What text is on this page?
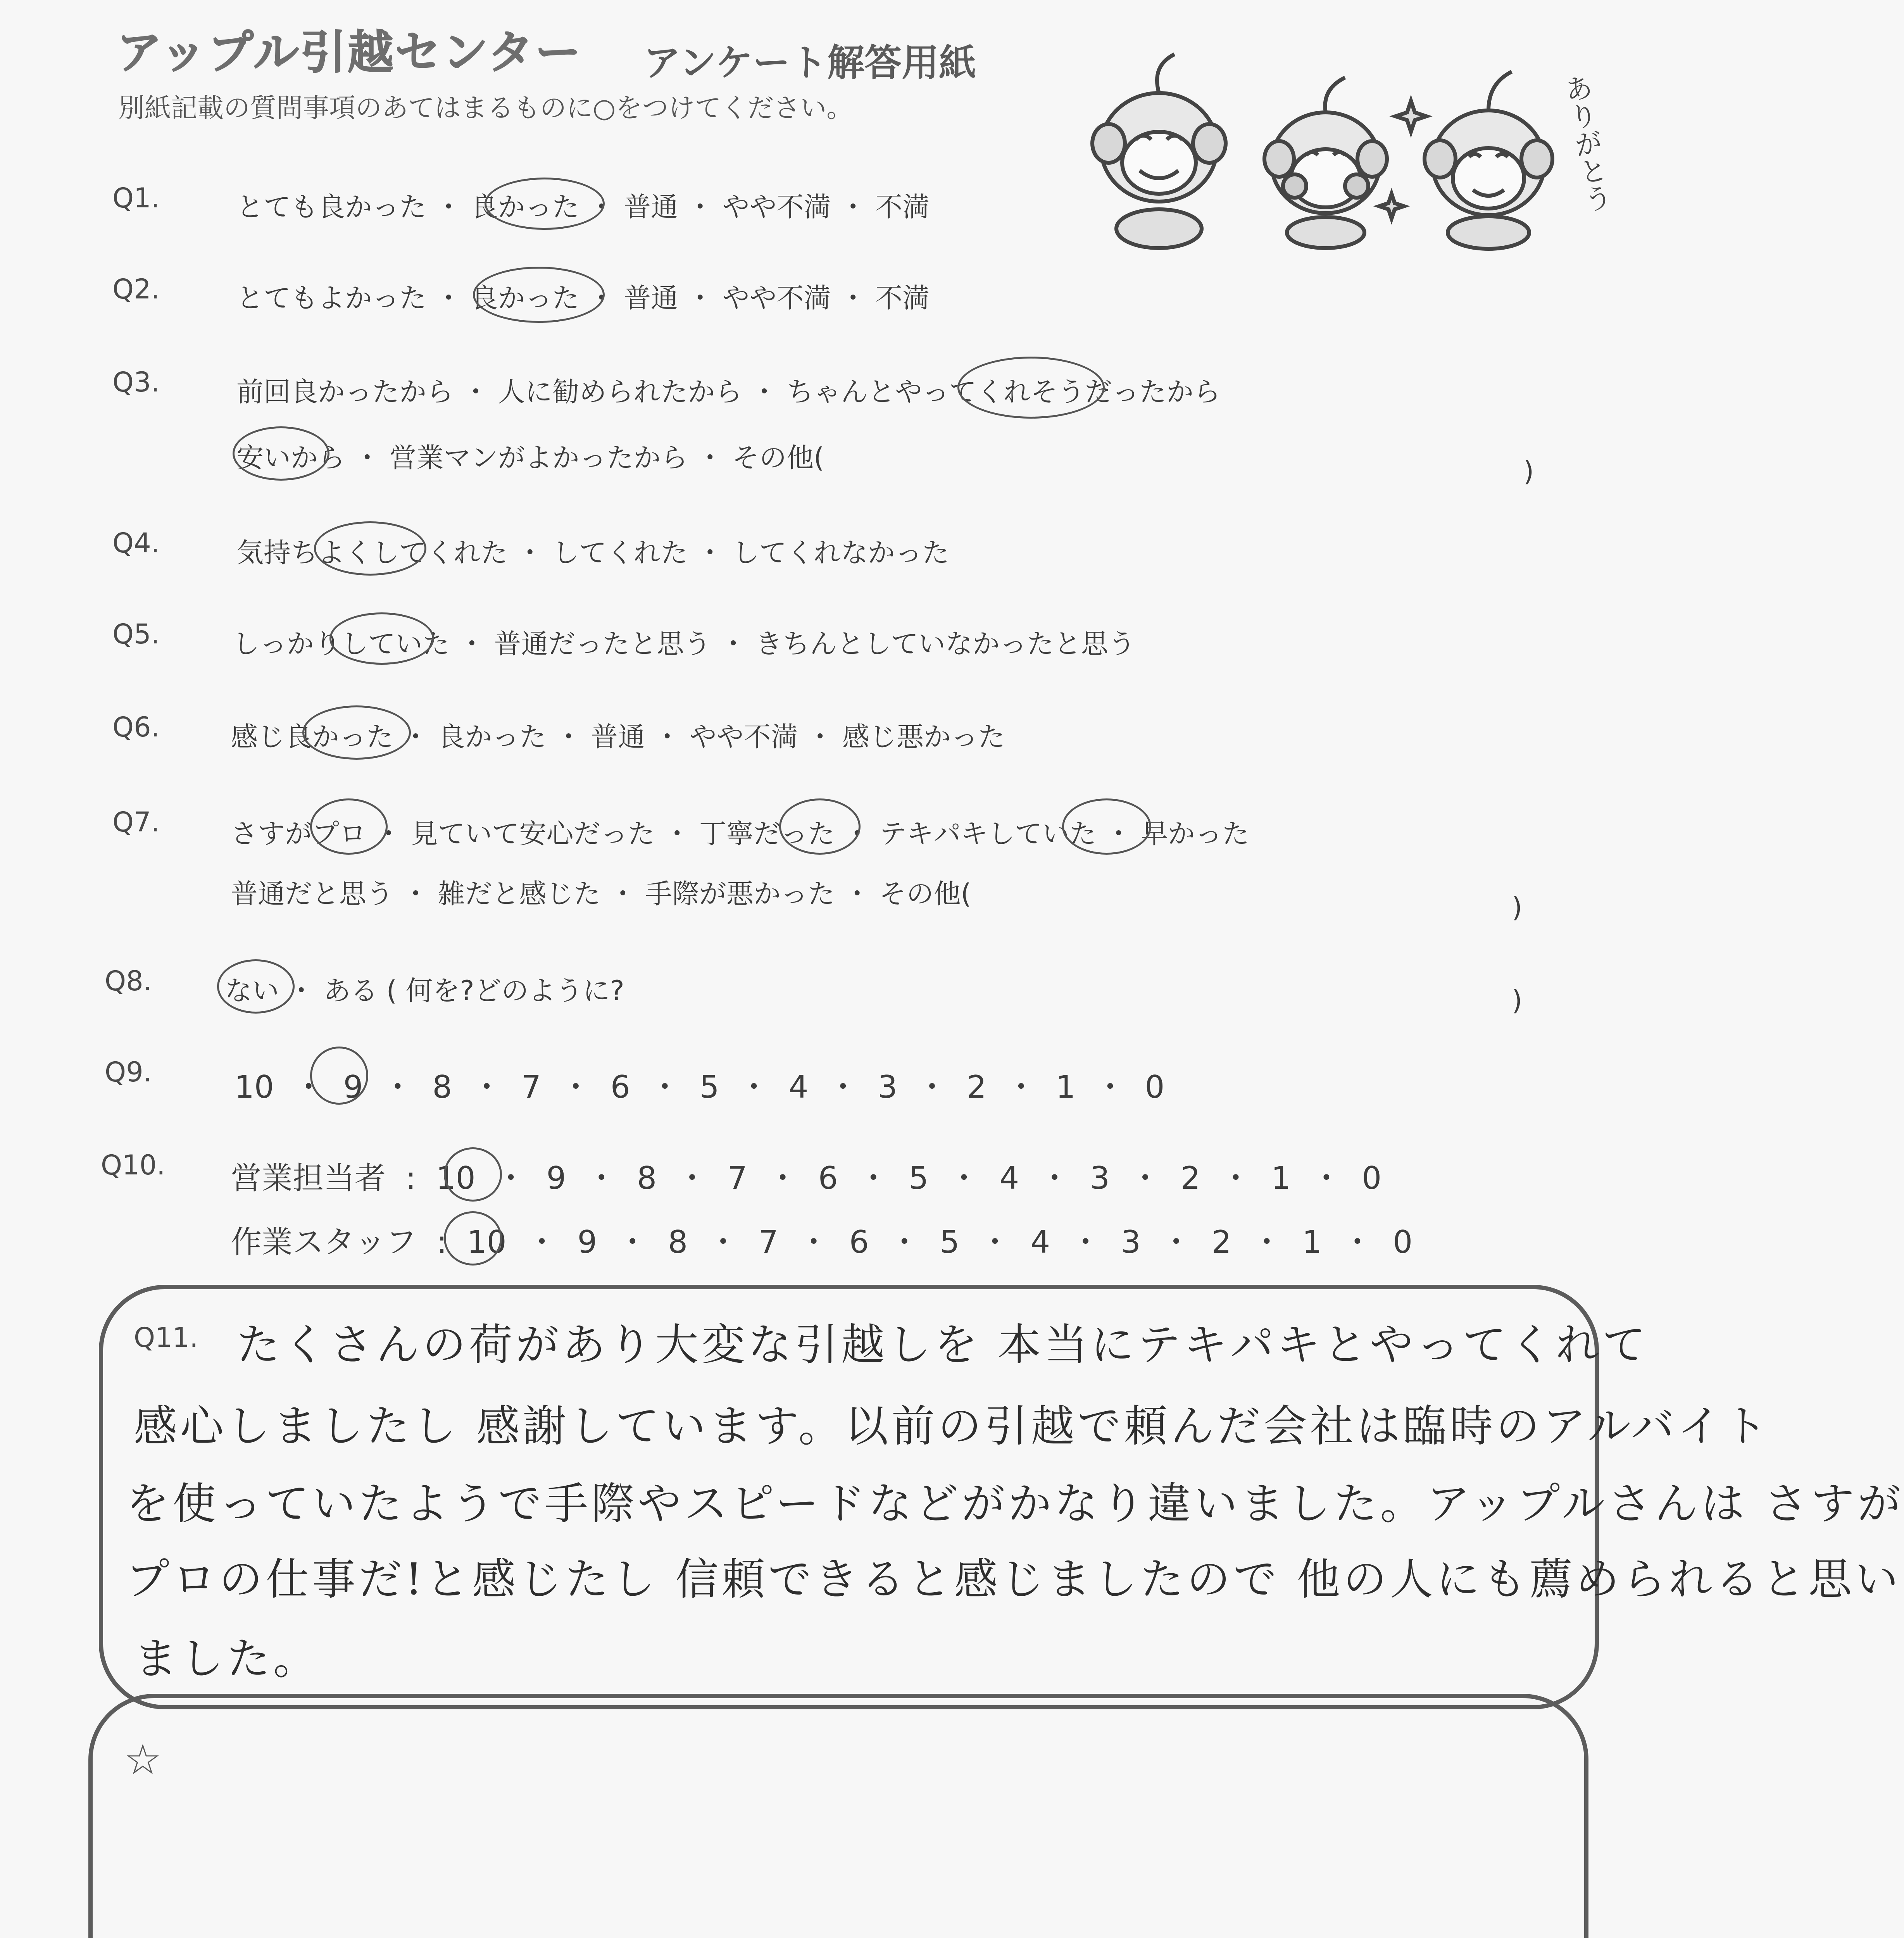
アップル引越センター アンケート解答用紙
別紙記載の質問事項のあてはまるものに○をつけてください。	ありがとう
Q1.	とても良かった ・ 良かった ・ 普通 ・ やや不満 ・ 不満
Q2.	とてもよかった ・ 良かった ・ 普通 ・ やや不満 ・ 不満
Q3.	前回良かったから ・ 人に勧められたから ・ ちゃんとやってくれそうだったから
安いから ・ 営業マンがよかったから ・ その他(	)
Q4.	気持ちよくしてくれた ・ してくれた ・ してくれなかった
Q5.	しっかりしていた ・ 普通だったと思う ・ きちんとしていなかったと思う
Q6.	感じ良かった ・ 良かった ・ 普通 ・ やや不満 ・ 感じ悪かった
Q7.	さすがプロ ・ 見ていて安心だった ・ 丁寧だった ・ テキパキしていた ・ 早かった
普通だと思う ・ 雑だと感じた ・ 手際が悪かった ・ その他(	)
Q8.	ない ・ ある ( 何を?どのように?	)
Q9.	10 ・ 9 ・ 8 ・ 7 ・ 6 ・ 5 ・ 4 ・ 3 ・ 2 ・ 1 ・ 0
Q10. 営業担当者 : 10 ・ 9 ・ 8 ・ 7 ・ 6 ・ 5 ・ 4 ・ 3 ・ 2 ・ 1 ・ 0
作業スタッフ : 10 ・ 9 ・ 8 ・ 7 ・ 6 ・ 5 ・ 4 ・ 3 ・ 2 ・ 1 ・ 0
Q11. たくさんの荷があり大変な引越しを 本当にテキパキとやってくれて
感心しましたし 感謝しています。以前の引越で頼んだ会社は臨時のアルバイト
を使っていたようで手際やスピードなどがかなり違いました。アップルさんは さすが
プロの仕事だ!と感じたし 信頼できると感じましたので 他の人にも薦められると思い
ました。
☆
